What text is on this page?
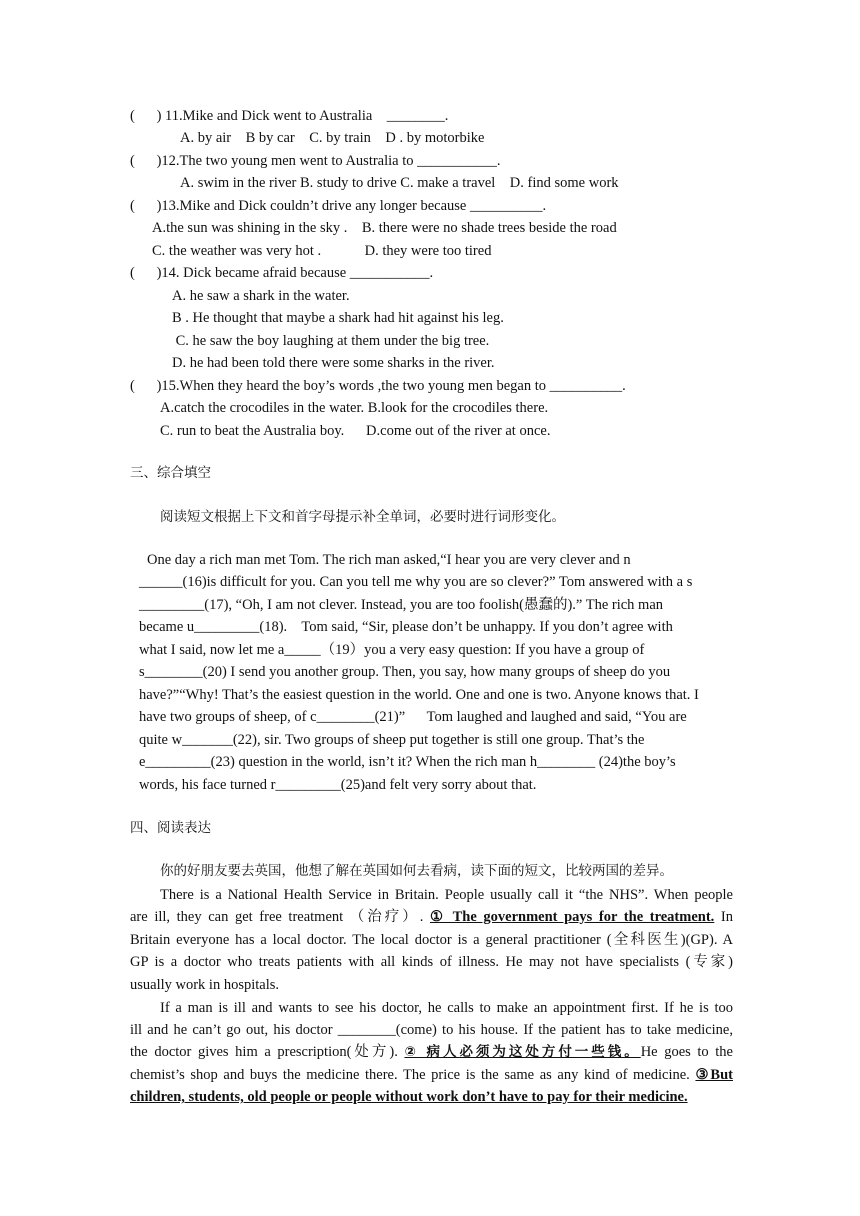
(      ) 11.Mike and Dick went to Australia    ________.
A. by air    B by car    C. by train    D . by motorbike
(      )12.The two young men went to Australia to ___________.
A. swim in the river B. study to drive C. make a travel    D. find some work
(      )13.Mike and Dick couldn’t drive any longer because __________.
A.the sun was shining in the sky .    B. there were no shade trees beside the road
C. the weather was very hot .            D. they were too tired
(      )14. Dick became afraid because ___________.
A. he saw a shark in the water.
B . He thought that maybe a shark had hit against his leg.
C. he saw the boy laughing at them under the big tree.
D. he had been told there were some sharks in the river.
(      )15.When they heard the boy’s words ,the two young men began to __________.
A.catch the crocodiles in the water. B.look for the crocodiles there.
C. run to beat the Australia boy.      D.come out of the river at once.
三、综合填空
阅读短文根据上下文和首字母提示补全单词，必要时进行词形变化。
One day a rich man met Tom. The rich man asked,“I hear you are very clever and n
______(16)is difficult for you. Can you tell me why you are so clever?” Tom answered with a s
_________(17), “Oh, I am not clever. Instead, you are too foolish(愚蠢的).” The rich man
became u_________(18).    Tom said, “Sir, please don’t be unhappy. If you don’t agree with
what I said, now let me a_____（19）you a very easy question: If you have a group of
s________(20) I send you another group. Then, you say, how many groups of sheep do you
have?”“Why! That’s the easiest question in the world. One and one is two. Anyone knows that. I
have two groups of sheep, of c________(21)”      Tom laughed and laughed and said, “You are
quite w_______(22), sir. Two groups of sheep put together is still one group. That’s the
e_________(23) question in the world, isn’t it? When the rich man h________ (24)the boy’s
words, his face turned r_________(25)and felt very sorry about that.
四、阅读表达
你的好朋友要去英国，他想了解在英国如何去看病，读下面的短文，比较两国的差异。
There is a National Health Service in Britain. People usually call it “the NHS”. When people
are ill, they can get free treatment （治疗）. ① The government pays for the treatment. In
Britain everyone has a local doctor. The local doctor is a general practitioner (全科医生)(GP). A
GP is a doctor who treats patients with all kinds of illness. He may not have specialists (专家)
usually work in hospitals.
If a man is ill and wants to see his doctor, he calls to make an appointment first. If he is too
ill and he can’t go out, his doctor ________(come) to his house. If the patient has to take medicine,
the doctor gives him a prescription(处方). ② 病人必须为这处方付一些钱。He goes to the
chemist’s shop and buys the medicine there. The price is the same as any kind of medicine. ③But
children, students, old people or people without work don’t have to pay for their medicine.
